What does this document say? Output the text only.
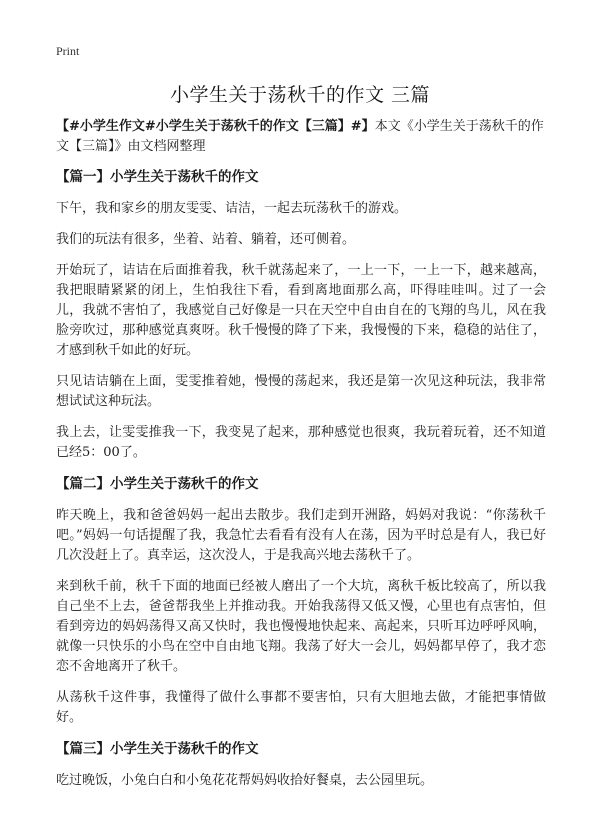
Print
小学生关于荡秋千的作文 三篇

【#小学生作文#小学生关于荡秋千的作文【三篇】#】本文《小学生关于荡秋千的作文【三篇】》由文档网整理

【篇一】小学生关于荡秋千的作文

下午，我和家乡的朋友雯雯、诘洁，一起去玩荡秋千的游戏。

我们的玩法有很多，坐着、站着、躺着，还可侧着。

开始玩了，诘诘在后面推着我，秋千就荡起来了，一上一下，一上一下，越来越高，我把眼睛紧紧的闭上，生怕我往下看，看到离地面那么高，吓得哇哇叫。过了一会儿，我就不害怕了，我感觉自己好像是一只在天空中自由自在的飞翔的鸟儿，风在我脸旁吹过，那种感觉真爽呀。秋千慢慢的降了下来，我慢慢的下来，稳稳的站住了，才感到秋千如此的好玩。

只见诘诘躺在上面，雯雯推着她，慢慢的荡起来，我还是第一次见这种玩法，我非常想试试这种玩法。

我上去，让雯雯推我一下，我变晃了起来，那种感觉也很爽，我玩着玩着，还不知道已经5：00了。

【篇二】小学生关于荡秋千的作文

昨天晚上，我和爸爸妈妈一起出去散步。我们走到开洲路，妈妈对我说：“你荡秋千吧。”妈妈一句话提醒了我，我急忙去看看有没有人在荡，因为平时总是有人，我已好几次没赶上了。真幸运，这次没人，于是我高兴地去荡秋千了。

来到秋千前，秋千下面的地面已经被人磨出了一个大坑，离秋千板比较高了，所以我自己坐不上去，爸爸帮我坐上并推动我。开始我荡得又低又慢，心里也有点害怕，但看到旁边的妈妈荡得又高又快时，我也慢慢地快起来、高起来，只听耳边呼呼风响，就像一只快乐的小鸟在空中自由地飞翔。我荡了好大一会儿，妈妈都早停了，我才恋恋不舍地离开了秋千。

从荡秋千这件事，我懂得了做什么事都不要害怕，只有大胆地去做，才能把事情做好。

【篇三】小学生关于荡秋千的作文

吃过晚饭，小兔白白和小兔花花帮妈妈收拾好餐桌，去公园里玩。
